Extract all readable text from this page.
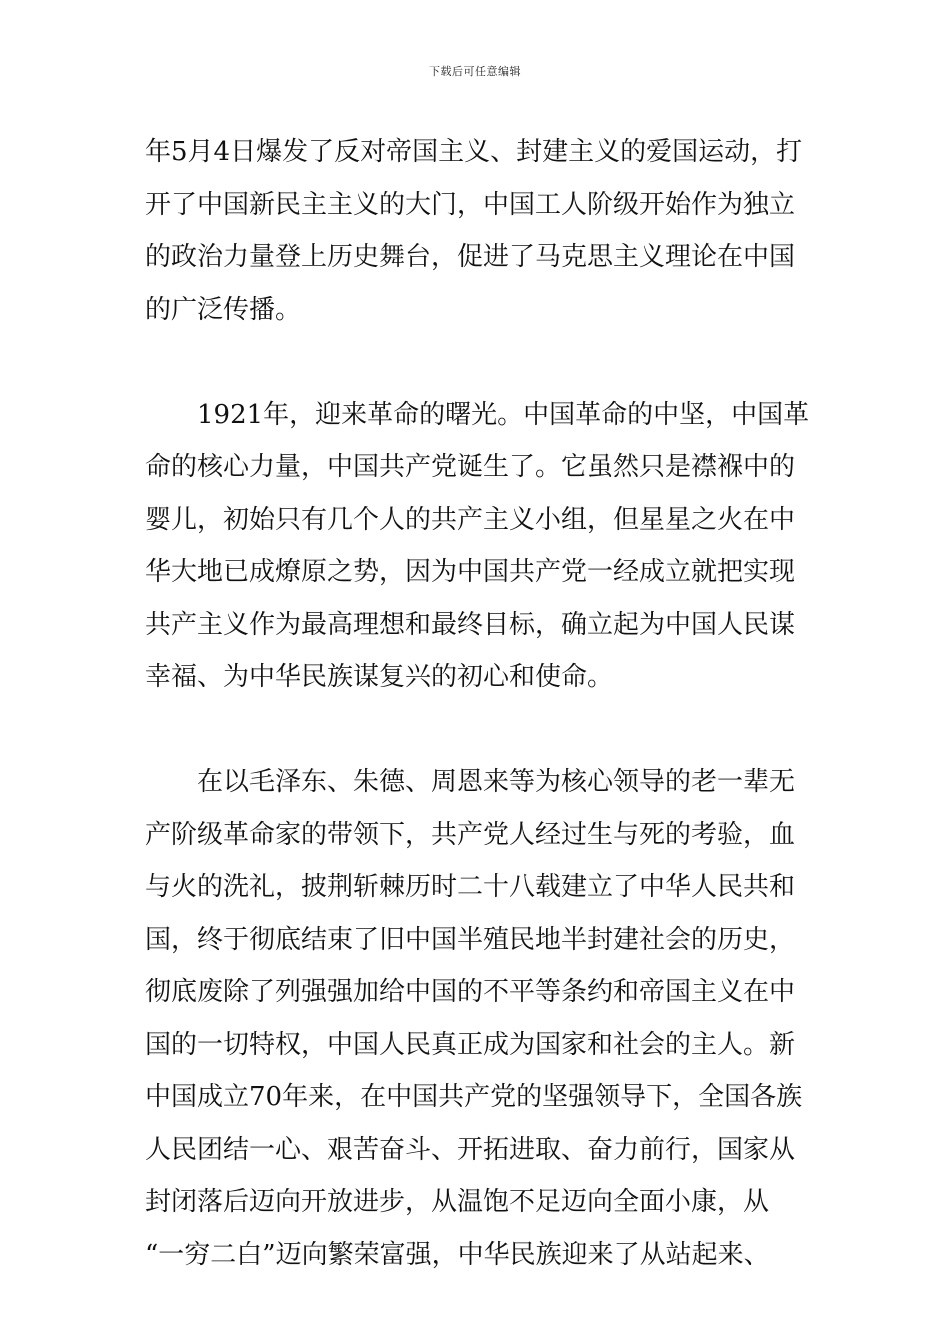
下载后可任意编辑
年5月4日爆发了反对帝国主义、封建主义的爱国运动，打
开了中国新民主主义的大门，中国工人阶级开始作为独立
的政治力量登上历史舞台，促进了马克思主义理论在中国
的广泛传播。
1921年，迎来革命的曙光。中国革命的中坚，中国革
命的核心力量，中国共产党诞生了。它虽然只是襟褓中的
婴儿，初始只有几个人的共产主义小组，但星星之火在中
华大地已成燎原之势，因为中国共产党一经成立就把实现
共产主义作为最高理想和最终目标，确立起为中国人民谋
幸福、为中华民族谋复兴的初心和使命。
在以毛泽东、朱德、周恩来等为核心领导的老一辈无
产阶级革命家的带领下，共产党人经过生与死的考验，血
与火的洗礼，披荆斩棘历时二十八载建立了中华人民共和
国，终于彻底结束了旧中国半殖民地半封建社会的历史，
彻底废除了列强强加给中国的不平等条约和帝国主义在中
国的一切特权，中国人民真正成为国家和社会的主人。新
中国成立70年来，在中国共产党的坚强领导下，全国各族
人民团结一心、艰苦奋斗、开拓进取、奋力前行，国家从
封闭落后迈向开放进步，从温饱不足迈向全面小康，从
“一穷二白”迈向繁荣富强，中华民族迎来了从站起来、
